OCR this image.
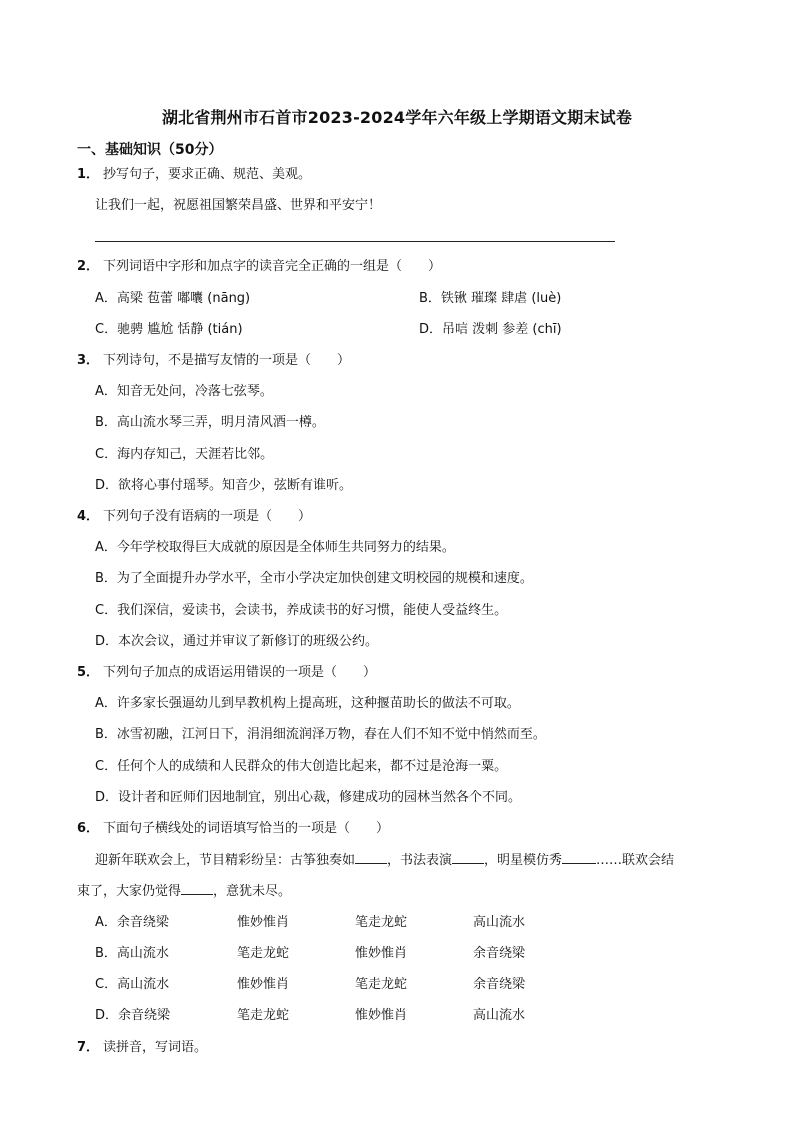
湖北省荆州市石首市2023-2024学年六年级上学期语文期末试卷
一、基础知识（50分）
1． 抄写句子，要求正确、规范、美观。
让我们一起，祝愿祖国繁荣昌盛、世界和平安宁！
2． 下列词语中字形和加点字的读音完全正确的一组是（　　）
A．高梁 苞蕾 嘟囔 (nāng)	B．铁锹 璀璨 肆虐 (luè)
C．驰骋 尴尬 恬静 (tián)	D．吊唁 泼刺 参差 (chī)
3． 下列诗句，不是描写友情的一项是（　　）
A．知音无处问，冷落七弦琴。
B．高山流水琴三弄，明月清风酒一樽。
C．海内存知己，天涯若比邻。
D．欲将心事付瑶琴。知音少，弦断有谁听。
4． 下列句子没有语病的一项是（　　）
A．今年学校取得巨大成就的原因是全体师生共同努力的结果。
B．为了全面提升办学水平，全市小学决定加快创建文明校园的规模和速度。
C．我们深信，爱读书，会读书，养成读书的好习惯，能使人受益终生。
D．本次会议，通过并审议了新修订的班级公约。
5． 下列句子加点的成语运用错误的一项是（　　）
A．许多家长强逼幼儿到早教机构上提高班，这种揠苗助长的做法不可取。
B．冰雪初融，江河日下，涓涓细流润泽万物，春在人们不知不觉中悄然而至。
C．任何个人的成绩和人民群众的伟大创造比起来，都不过是沧海一粟。
D．设计者和匠师们因地制宜，别出心裁，修建成功的园林当然各个不同。
6． 下面句子横线处的词语填写恰当的一项是（　　）
迎新年联欢会上，节目精彩纷呈：古筝独奏如 ，书法表演 ，明星模仿秀	……联欢会结
束了，大家仍觉得 ，意犹未尽。
A．余音绕梁	惟妙惟肖	笔走龙蛇	高山流水
B．高山流水	笔走龙蛇	惟妙惟肖	余音绕梁
C．高山流水	惟妙惟肖	笔走龙蛇	余音绕梁
D．余音绕梁	笔走龙蛇	惟妙惟肖	高山流水
7． 读拼音，写词语。
